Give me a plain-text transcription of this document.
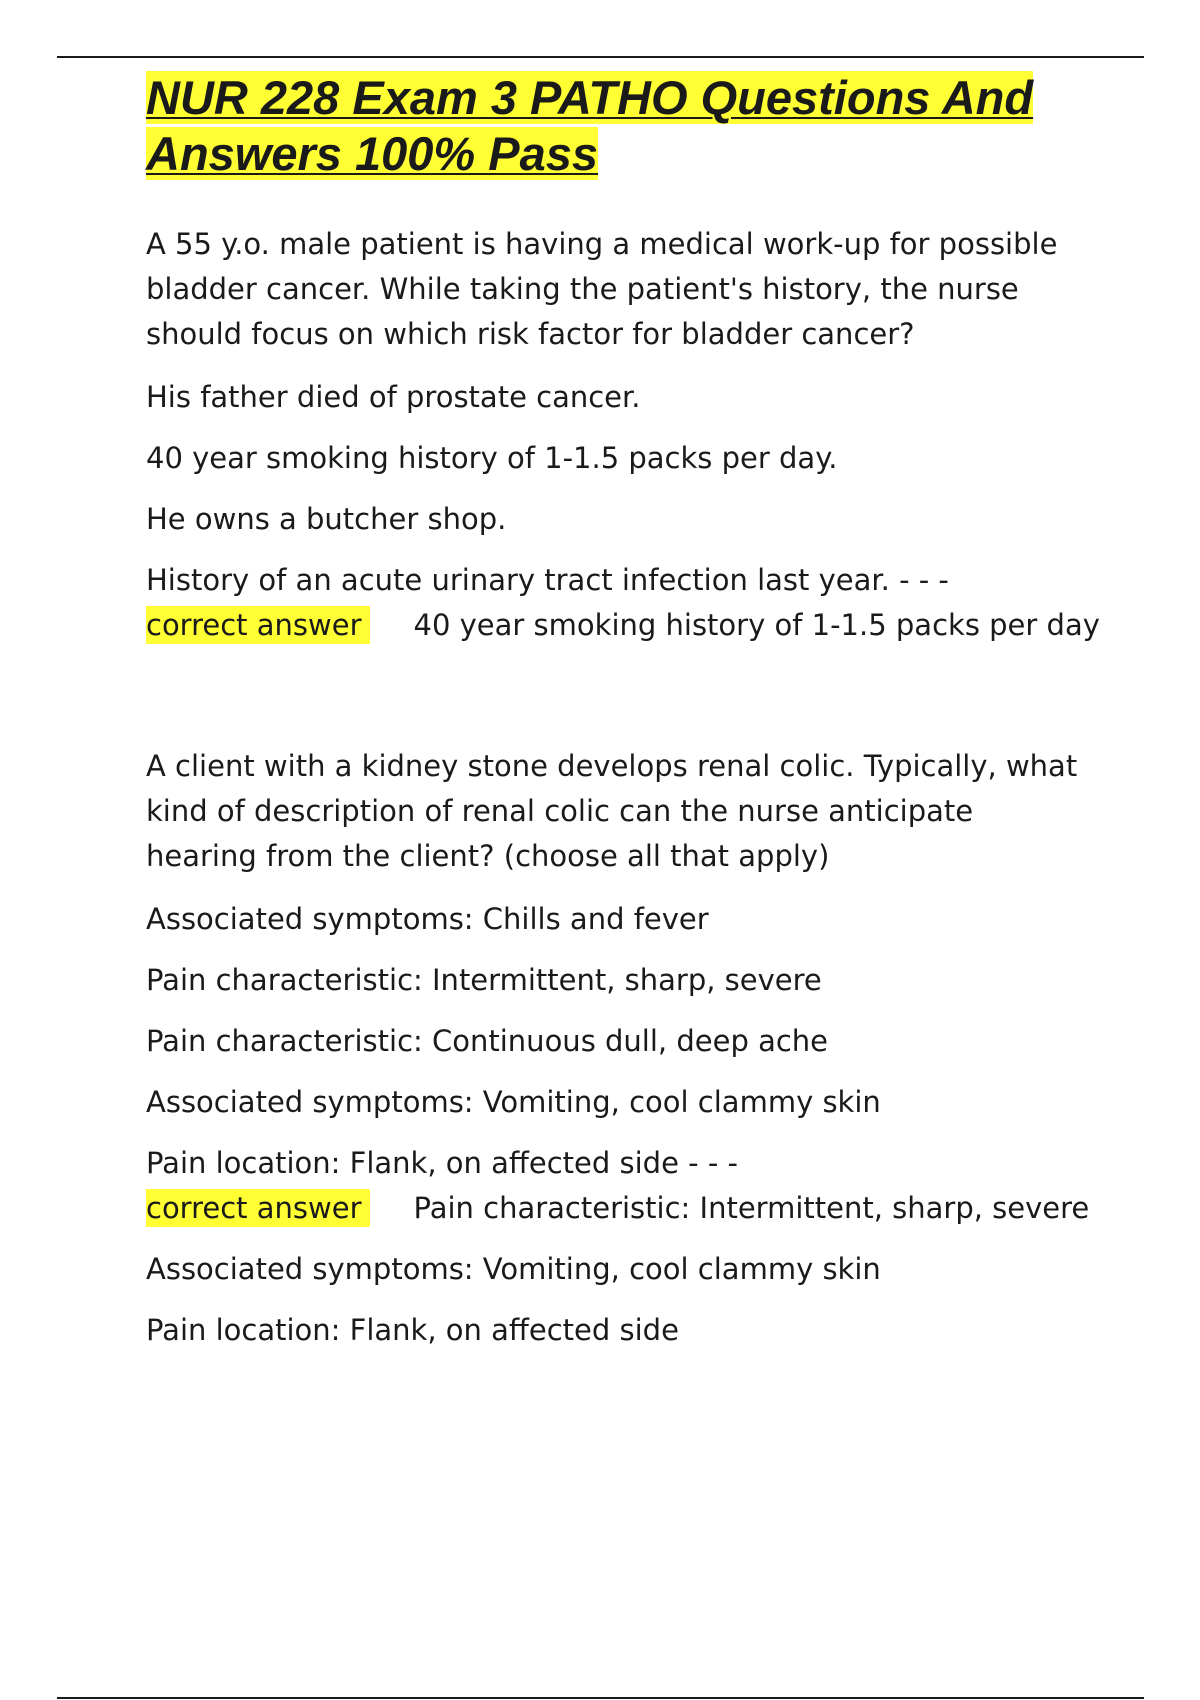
NUR 228 Exam 3 PATHO Questions And Answers 100% Pass

A 55 y.o. male patient is having a medical work-up for possible bladder cancer. While taking the patient's history, the nurse should focus on which risk factor for bladder cancer?

His father died of prostate cancer.

40 year smoking history of 1-1.5 packs per day.

He owns a butcher shop.

History of an acute urinary tract infection last year. - - -

correct answer 40 year smoking history of 1-1.5 packs per day

A client with a kidney stone develops renal colic. Typically, what kind of description of renal colic can the nurse anticipate hearing from the client? (choose all that apply)

Associated symptoms: Chills and fever

Pain characteristic: Intermittent, sharp, severe

Pain characteristic: Continuous dull, deep ache

Associated symptoms: Vomiting, cool clammy skin

Pain location: Flank, on affected side - - -

correct answer Pain characteristic: Intermittent, sharp, severe

Associated symptoms: Vomiting, cool clammy skin

Pain location: Flank, on affected side
